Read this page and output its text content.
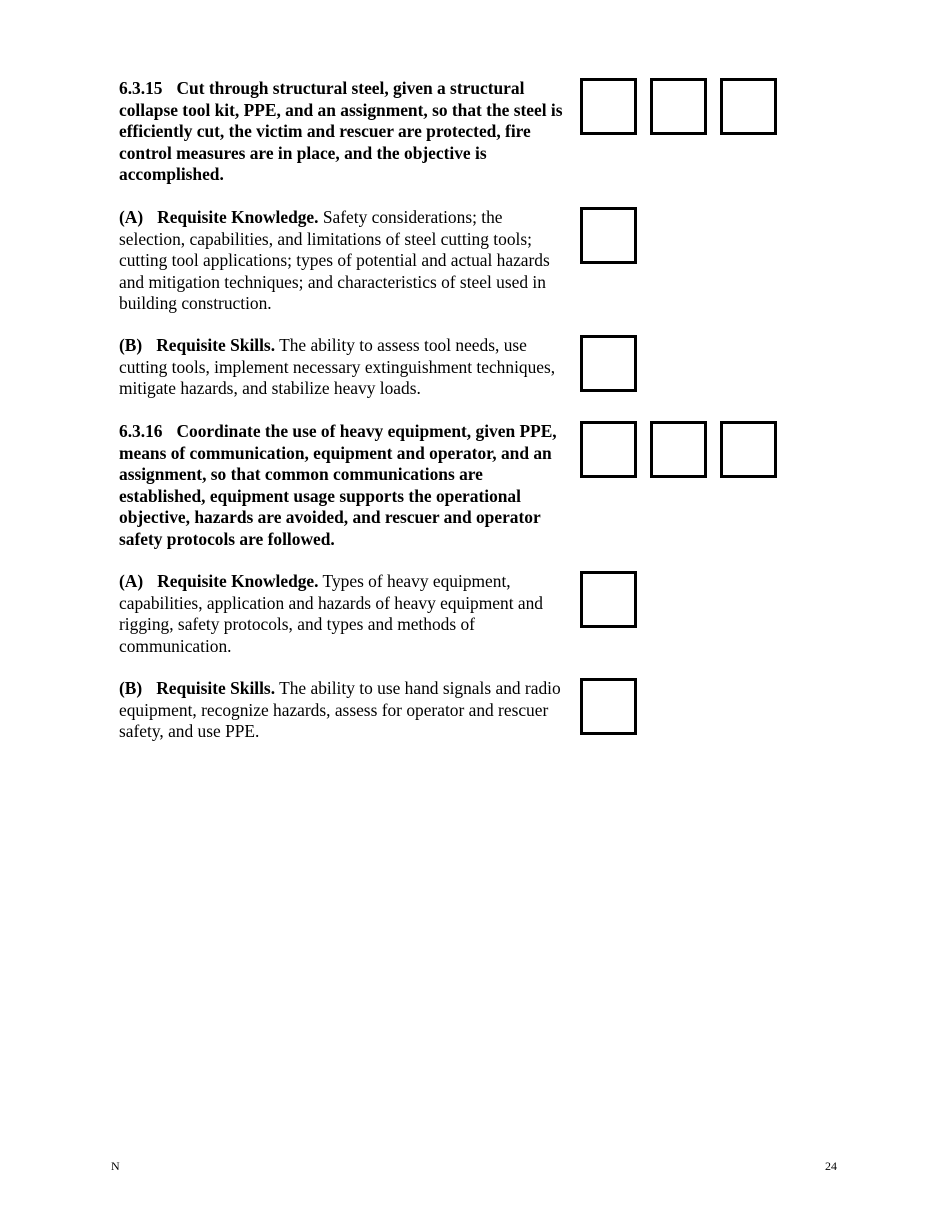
6.3.15 Cut through structural steel, given a structural collapse tool kit, PPE, and an assignment, so that the steel is efficiently cut, the victim and rescuer are protected, fire control measures are in place, and the objective is accomplished.

(A) Requisite Knowledge. Safety considerations; the selection, capabilities, and limitations of steel cutting tools; cutting tool applications; types of potential and actual hazards and mitigation techniques; and characteristics of steel used in building construction.

(B) Requisite Skills. The ability to assess tool needs, use cutting tools, implement necessary extinguishment techniques, mitigate hazards, and stabilize heavy loads.

6.3.16 Coordinate the use of heavy equipment, given PPE, means of communication, equipment and operator, and an assignment, so that common communications are established, equipment usage supports the operational objective, hazards are avoided, and rescuer and operator safety protocols are followed.

(A) Requisite Knowledge. Types of heavy equipment, capabilities, application and hazards of heavy equipment and rigging, safety protocols, and types and methods of communication.

(B) Requisite Skills. The ability to use hand signals and radio equipment, recognize hazards, assess for operator and rescuer safety, and use PPE.

N	24
